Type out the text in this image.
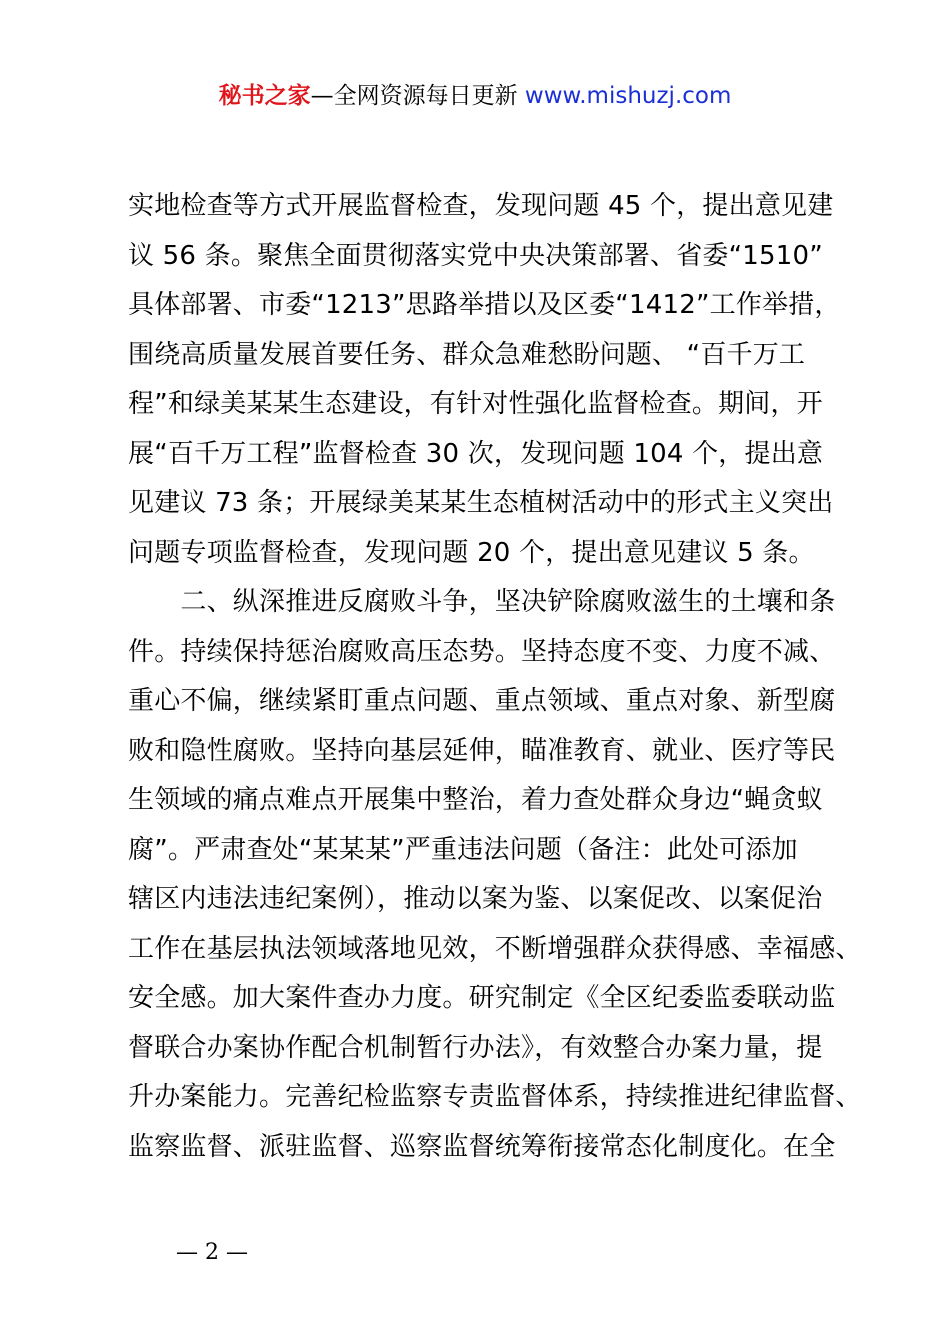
秘书之家—全网资源每日更新 www.mishuzj.com
实地检查等方式开展监督检查，发现问题 45 个，提出意见建
议 56 条。聚焦全面贯彻落实党中央决策部署、省委“1510”
具体部署、市委“1213”思路举措以及区委“1412”工作举措，
围绕高质量发展首要任务、群众急难愁盼问题、 “百千万工
程”和绿美某某生态建设，有针对性强化监督检查。期间，开
展“百千万工程”监督检查 30 次，发现问题 104 个，提出意
见建议 73 条；开展绿美某某生态植树活动中的形式主义突出
问题专项监督检查，发现问题 20 个，提出意见建议 5 条。
　　二、纵深推进反腐败斗争，坚决铲除腐败滋生的土壤和条
件。持续保持惩治腐败高压态势。坚持态度不变、力度不减、
重心不偏，继续紧盯重点问题、重点领域、重点对象、新型腐
败和隐性腐败。坚持向基层延伸，瞄准教育、就业、医疗等民
生领域的痛点难点开展集中整治，着力查处群众身边“蝇贪蚁
腐”。严肃查处“某某某”严重违法问题（备注：此处可添加
辖区内违法违纪案例），推动以案为鉴、以案促改、以案促治
工作在基层执法领域落地见效，不断增强群众获得感、幸福感、
安全感。加大案件查办力度。研究制定《全区纪委监委联动监
督联合办案协作配合机制暂行办法》，有效整合办案力量，提
升办案能力。完善纪检监察专责监督体系，持续推进纪律监督、
监察监督、派驻监督、巡察监督统筹衔接常态化制度化。在全
— 2 —
